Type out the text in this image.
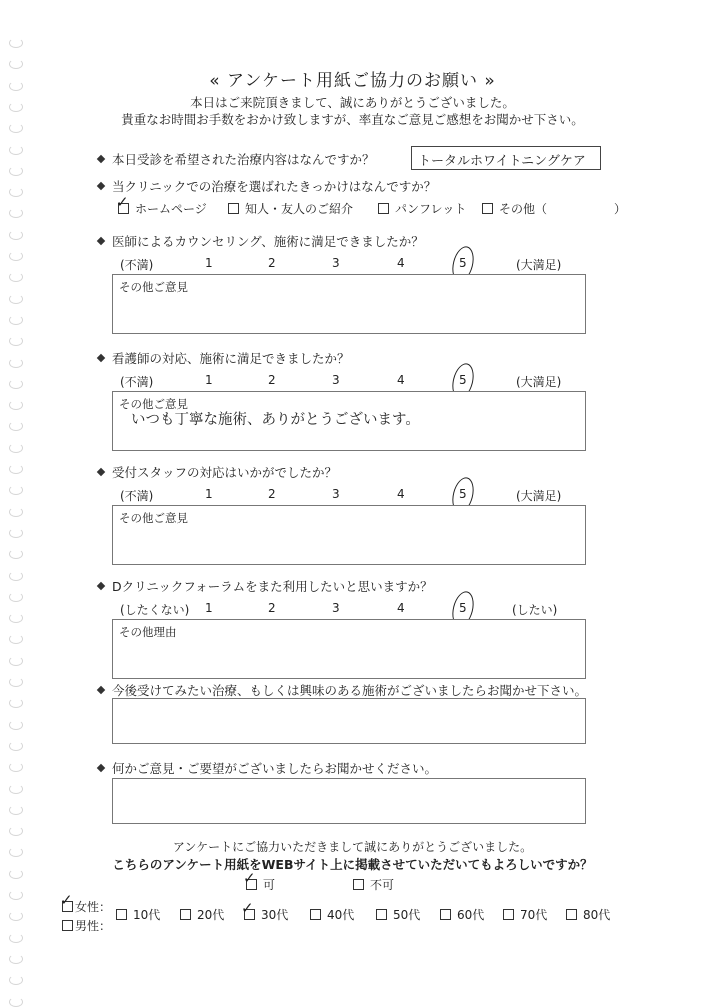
« アンケート用紙ご協力のお願い »
本日はご来院頂きまして、誠にありがとうございました。
貴重なお時間お手数をおかけ致しますが、率直なご意見ご感想をお聞かせ下さい。
本日受診を希望された治療内容はなんですか？	トータルホワイトニングケア
当クリニックでの治療を選ばれたきっかけはなんですか？
ホームページ
✓	知人・友人のご紹介	パンフレット	その他（	）
医師によるカウンセリング、施術に満足できましたか？
(不満)	1	2	3	4	5	(大満足)
その他ご意見
看護師の対応、施術に満足できましたか？
(不満)	1	2	3	4	5	(大満足)
その他ご意見
いつも丁寧な施術、ありがとうございます。
受付スタッフの対応はいかがでしたか？
(不満)	1	2	3	4	5	(大満足)
その他ご意見
Dクリニックフォーラムをまた利用したいと思いますか？
(したくない) 1	2	3	4	5	(したい)
その他理由
今後受けてみたい治療、もしくは興味のある施術がございましたらお聞かせ下さい。
何かご意見・ご要望がございましたらお聞かせください。
アンケートにご協力いただきまして誠にありがとうございました。
こちらのアンケート用紙をWEBサイト上に掲載させていただいてもよろしいですか？
可
✓	不可
女性：
✓
男性：
10代	20代	30代
✓	40代	50代	60代	70代	80代
